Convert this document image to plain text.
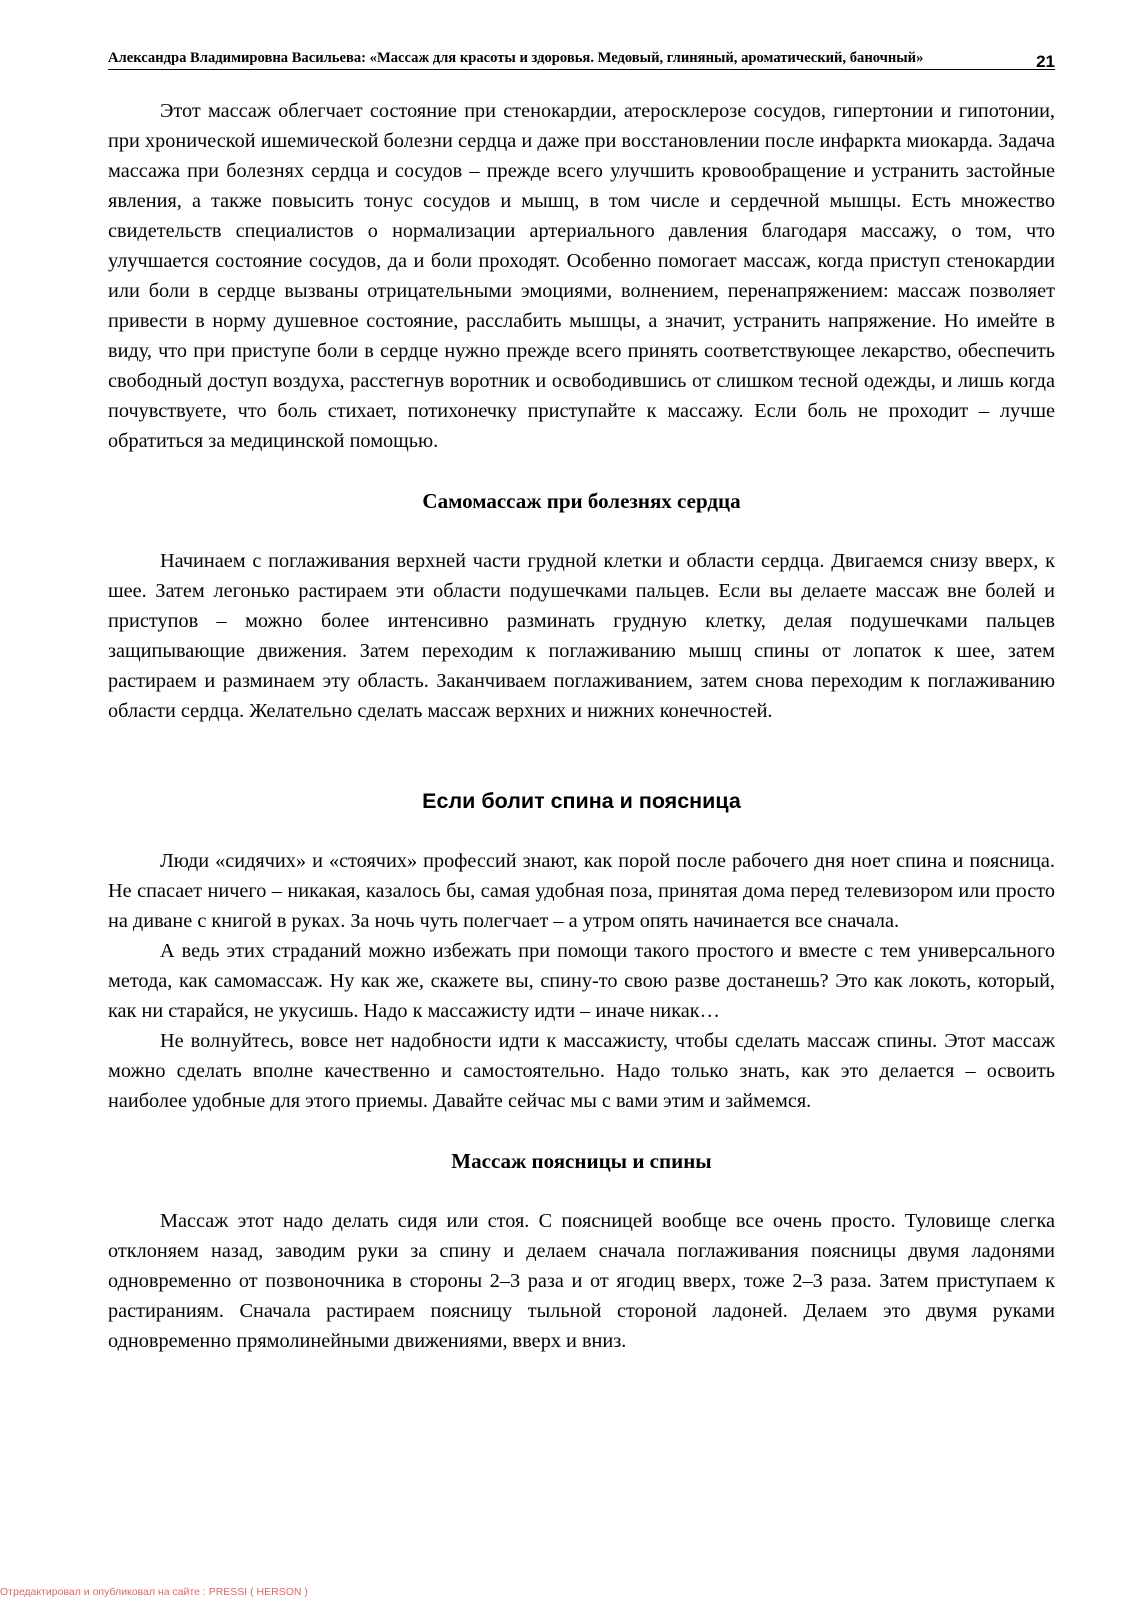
Александра Владимировна Васильева: «Массаж для красоты и здоровья. Медовый, глиняный, ароматический, баночный»	21

Этот массаж облегчает состояние при стенокардии, атеросклерозе сосудов, гипертонии и гипотонии, при хронической ишемической болезни сердца и даже при восстановлении после инфаркта миокарда. Задача массажа при болезнях сердца и сосудов – прежде всего улучшить кровообращение и устранить застойные явления, а также повысить тонус сосудов и мышц, в том числе и сердечной мышцы. Есть множество свидетельств специалистов о нормализации артериального давления благодаря массажу, о том, что улучшается состояние сосудов, да и боли проходят. Особенно помогает массаж, когда приступ стенокардии или боли в сердце вызваны отрицательными эмоциями, волнением, перенапряжением: массаж позволяет привести в норму душевное состояние, расслабить мышцы, а значит, устранить напряжение. Но имейте в виду, что при приступе боли в сердце нужно прежде всего принять соответствующее лекарство, обеспечить свободный доступ воздуха, расстегнув воротник и освободившись от слишком тесной одежды, и лишь когда почувствуете, что боль стихает, потихонечку приступайте к массажу. Если боль не проходит – лучше обратиться за медицинской помощью.

Самомассаж при болезнях сердца

Начинаем с поглаживания верхней части грудной клетки и области сердца. Двигаемся снизу вверх, к шее. Затем легонько растираем эти области подушечками пальцев. Если вы делаете массаж вне болей и приступов – можно более интенсивно разминать грудную клетку, делая подушечками пальцев защипывающие движения. Затем переходим к поглаживанию мышц спины от лопаток к шее, затем растираем и разминаем эту область. Заканчиваем поглаживанием, затем снова переходим к поглаживанию области сердца. Желательно сделать массаж верхних и нижних конечностей.

Если болит спина и поясница

Люди «сидячих» и «стоячих» профессий знают, как порой после рабочего дня ноет спина и поясница. Не спасает ничего – никакая, казалось бы, самая удобная поза, принятая дома перед телевизором или просто на диване с книгой в руках. За ночь чуть полегчает – а утром опять начинается все сначала.

А ведь этих страданий можно избежать при помощи такого простого и вместе с тем универсального метода, как самомассаж. Ну как же, скажете вы, спину-то свою разве достанешь? Это как локоть, который, как ни старайся, не укусишь. Надо к массажисту идти – иначе никак…

Не волнуйтесь, вовсе нет надобности идти к массажисту, чтобы сделать массаж спины. Этот массаж можно сделать вполне качественно и самостоятельно. Надо только знать, как это делается – освоить наиболее удобные для этого приемы. Давайте сейчас мы с вами этим и займемся.

Массаж поясницы и спины

Массаж этот надо делать сидя или стоя. С поясницей вообще все очень просто. Туловище слегка отклоняем назад, заводим руки за спину и делаем сначала поглаживания поясницы двумя ладонями одновременно от позвоночника в стороны 2–3 раза и от ягодиц вверх, тоже 2–3 раза. Затем приступаем к растираниям. Сначала растираем поясницу тыльной стороной ладоней. Делаем это двумя руками одновременно прямолинейными движениями, вверх и вниз.

Отредактировал и опубликовал на сайте : PRESSI ( HERSON )
